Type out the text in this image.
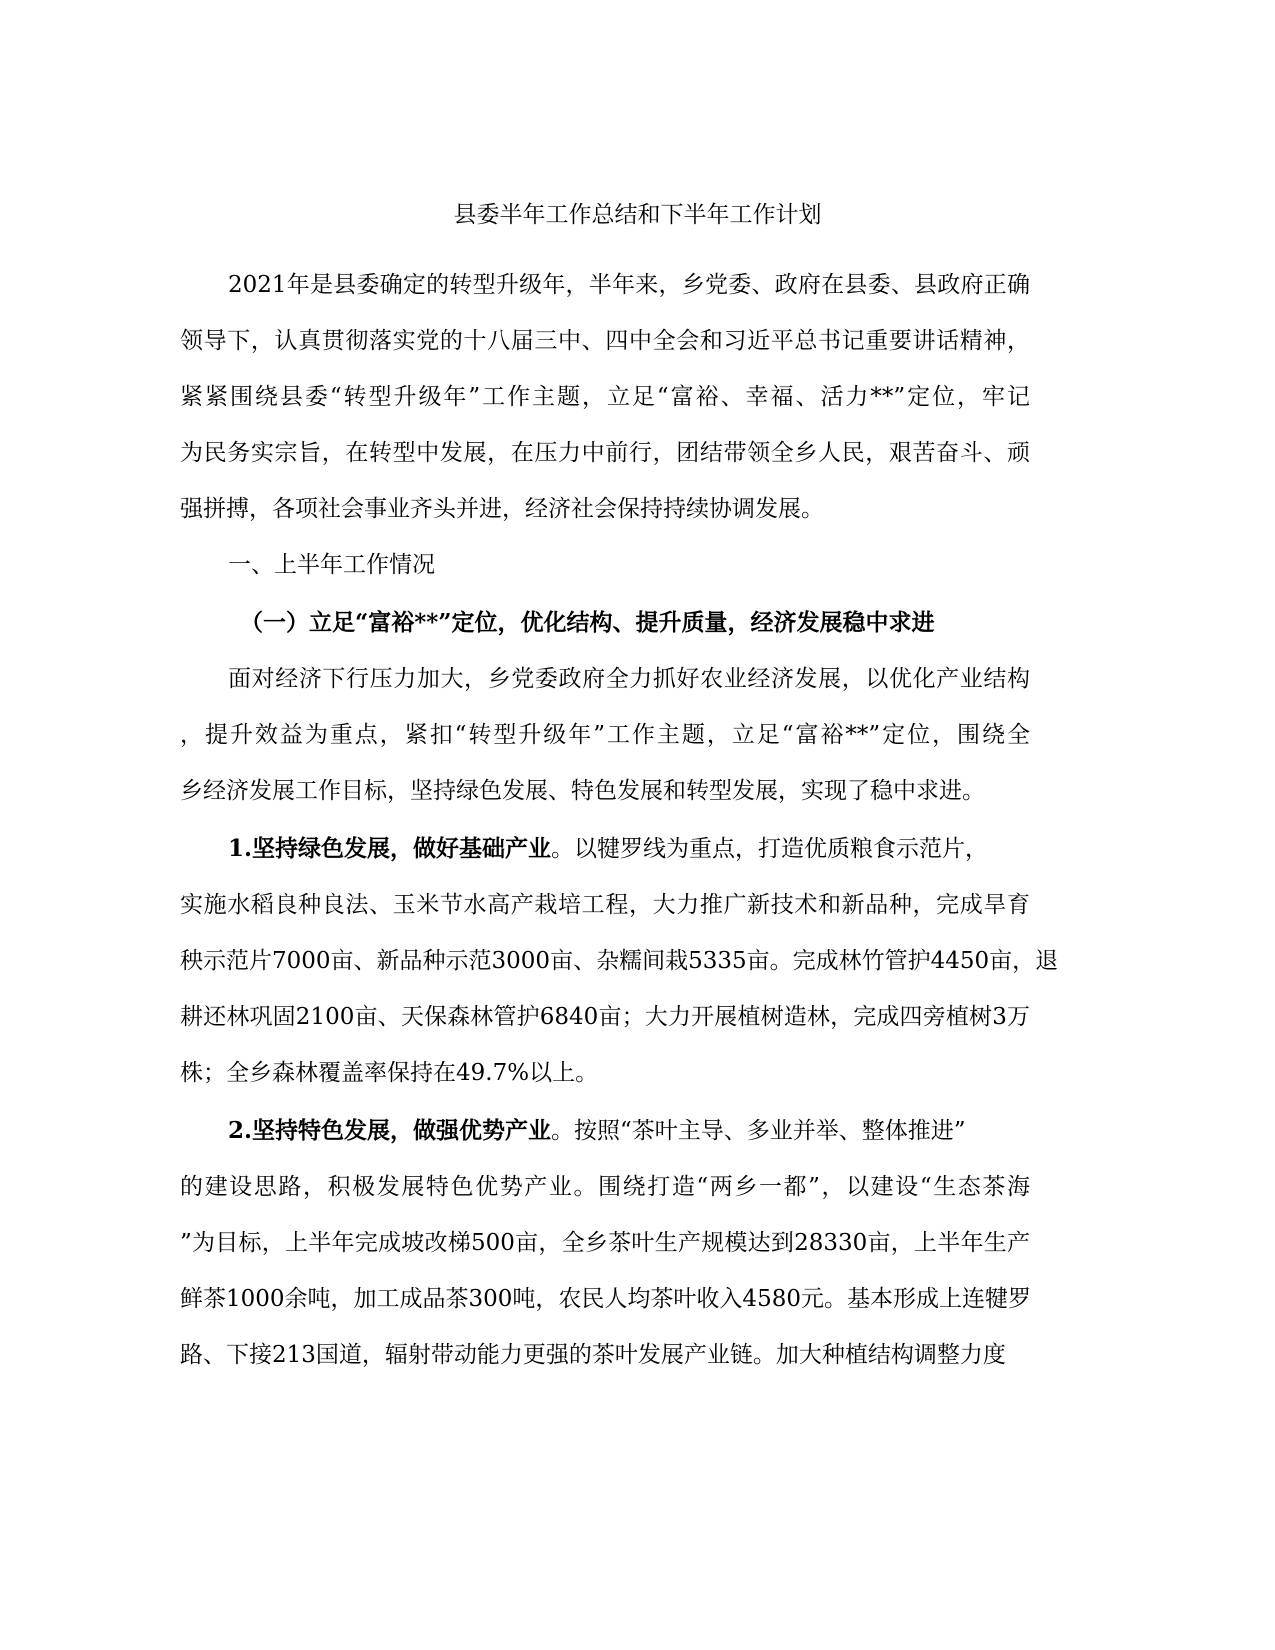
县委半年工作总结和下半年工作计划

2021年是县委确定的转型升级年，半年来，乡党委、政府在县委、县政府正确

领导下，认真贯彻落实党的十八届三中、四中全会和习近平总书记重要讲话精神，

紧紧围绕县委“转型升级年”工作主题，立足“富裕、幸福、活力**”定位，牢记

为民务实宗旨，在转型中发展，在压力中前行，团结带领全乡人民，艰苦奋斗、顽

强拼搏，各项社会事业齐头并进，经济社会保持持续协调发展。

一、上半年工作情况

（一）立足“富裕**”定位，优化结构、提升质量，经济发展稳中求进

面对经济下行压力加大，乡党委政府全力抓好农业经济发展，以优化产业结构

，提升效益为重点，紧扣“转型升级年”工作主题，立足“富裕**”定位，围绕全

乡经济发展工作目标，坚持绿色发展、特色发展和转型发展，实现了稳中求进。

1.坚持绿色发展，做好基础产业。以犍罗线为重点，打造优质粮食示范片，

实施水稻良种良法、玉米节水高产栽培工程，大力推广新技术和新品种，完成旱育

秧示范片7000亩、新品种示范3000亩、杂糯间栽5335亩。完成林竹管护4450亩，退

耕还林巩固2100亩、天保森林管护6840亩；大力开展植树造林，完成四旁植树3万

株；全乡森林覆盖率保持在49.7%以上。

2.坚持特色发展，做强优势产业。按照“茶叶主导、多业并举、整体推进”

的建设思路，积极发展特色优势产业。围绕打造“两乡一都”，以建设“生态茶海

”为目标，上半年完成坡改梯500亩，全乡茶叶生产规模达到28330亩，上半年生产

鲜茶1000余吨，加工成品茶300吨，农民人均茶叶收入4580元。基本形成上连犍罗

路、下接213国道，辐射带动能力更强的茶叶发展产业链。加大种植结构调整力度
